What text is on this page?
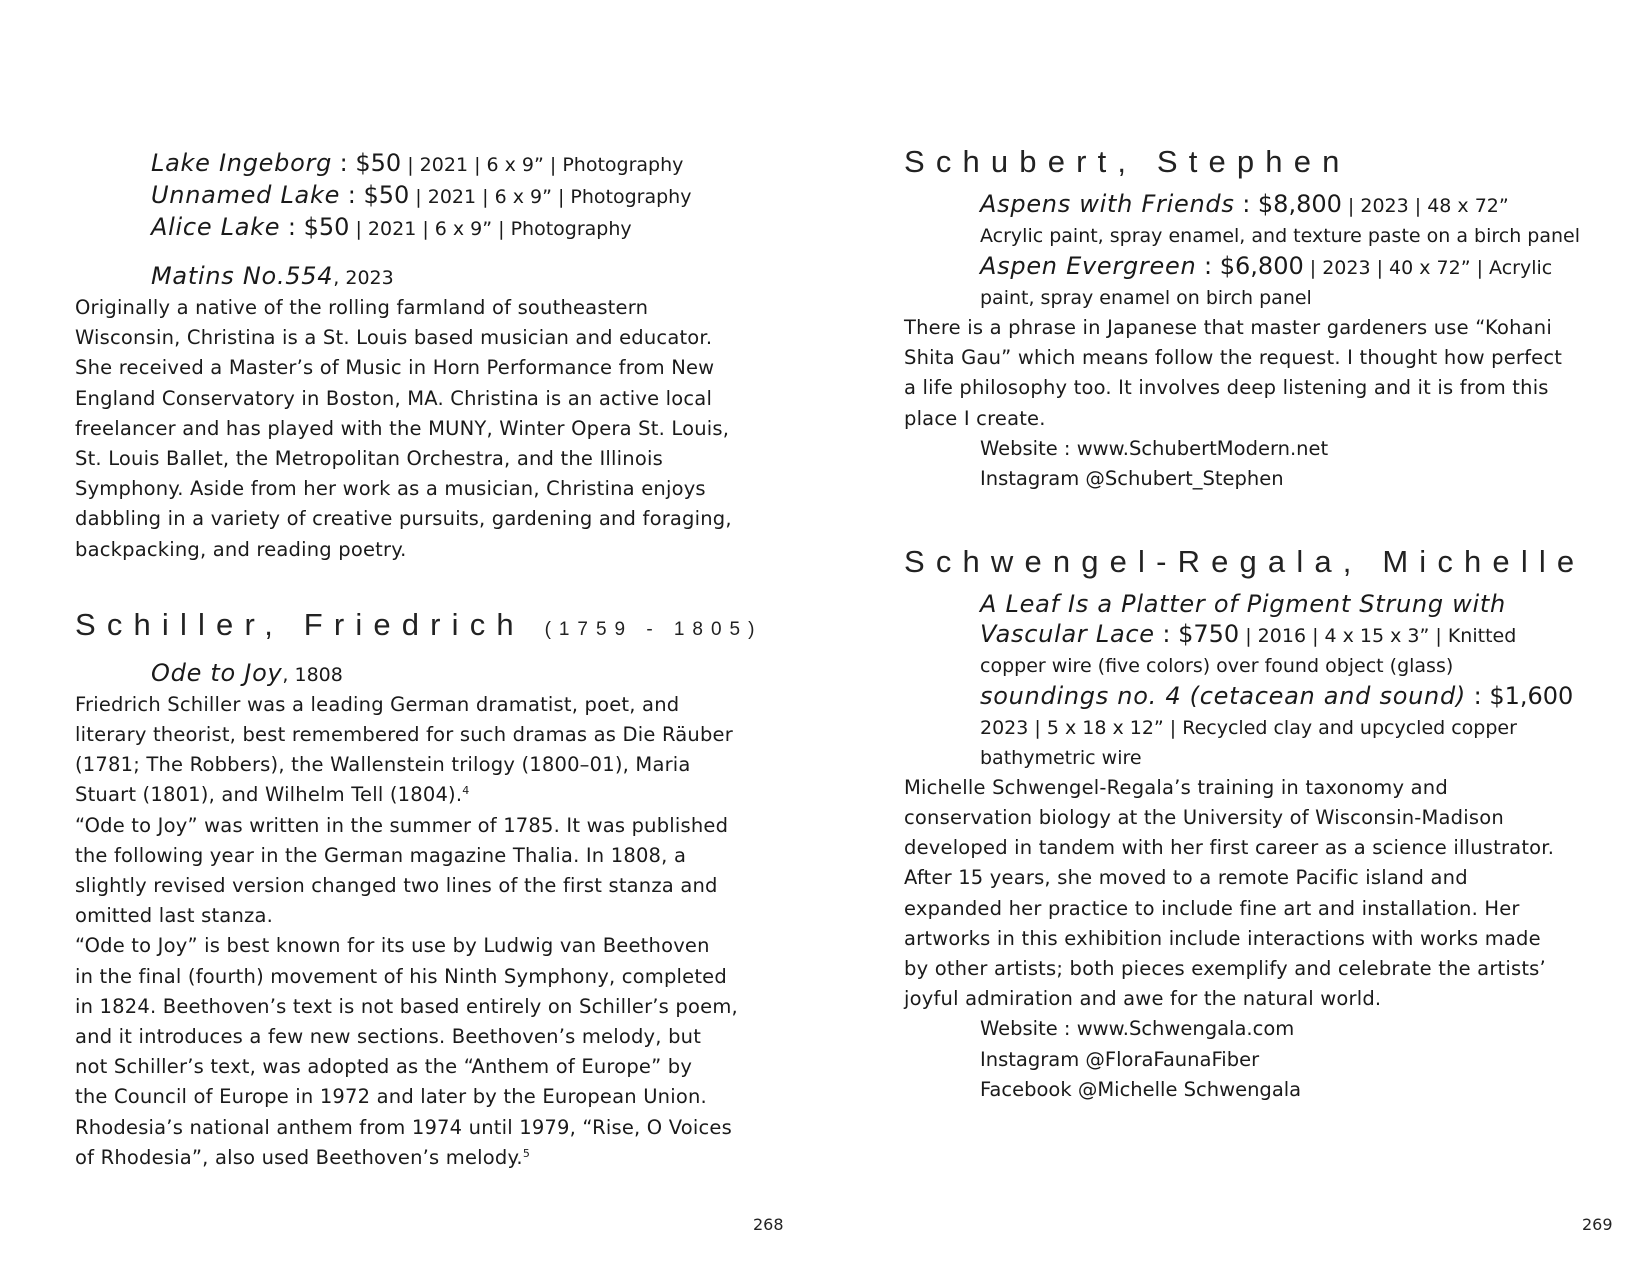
Lake Ingeborg : $50 | 2021 | 6 x 9” | Photography
Unnamed Lake : $50 | 2021 | 6 x 9” | Photography
Alice Lake : $50 | 2021 | 6 x 9” | Photography
Matins No.554, 2023
Originally a native of the rolling farmland of southeastern
Wisconsin, Christina is a St. Louis based musician and educator.
She received a Master’s of Music in Horn Performance from New
England Conservatory in Boston, MA. Christina is an active local
freelancer and has played with the MUNY, Winter Opera St. Louis,
St. Louis Ballet, the Metropolitan Orchestra, and the Illinois
Symphony. Aside from her work as a musician, Christina enjoys
dabbling in a variety of creative pursuits, gardening and foraging,
backpacking, and reading poetry.
Schiller, Friedrich (1759 - 1805)
Ode to Joy, 1808
Friedrich Schiller was a leading German dramatist, poet, and
literary theorist, best remembered for such dramas as Die Räuber
(1781; The Robbers), the Wallenstein trilogy (1800–01), Maria
Stuart (1801), and Wilhelm Tell (1804).$^4$
“Ode to Joy” was written in the summer of 1785. It was published
the following year in the German magazine Thalia. In 1808, a
slightly revised version changed two lines of the first stanza and
omitted last stanza.
“Ode to Joy” is best known for its use by Ludwig van Beethoven
in the final (fourth) movement of his Ninth Symphony, completed
in 1824. Beethoven’s text is not based entirely on Schiller’s poem,
and it introduces a few new sections. Beethoven’s melody, but
not Schiller’s text, was adopted as the “Anthem of Europe” by
the Council of Europe in 1972 and later by the European Union.
Rhodesia’s national anthem from 1974 until 1979, “Rise, O Voices
of Rhodesia”, also used Beethoven’s melody.$^5$
268
Schubert, Stephen
Aspens with Friends : $8,800 | 2023 | 48 x 72”
Acrylic paint, spray enamel, and texture paste on a birch panel
Aspen Evergreen : $6,800 | 2023 | 40 x 72” | Acrylic
paint, spray enamel on birch panel
There is a phrase in Japanese that master gardeners use “Kohani
Shita Gau” which means follow the request. I thought how perfect
a life philosophy too. It involves deep listening and it is from this
place I create.
Website : www.SchubertModern.net
Instagram @Schubert_Stephen
Schwengel-Regala, Michelle
A Leaf Is a Platter of Pigment Strung with
Vascular Lace : $750 | 2016 | 4 x 15 x 3” | Knitted
copper wire (five colors) over found object (glass)
soundings no. 4 (cetacean and sound) : $1,600
2023 | 5 x 18 x 12” | Recycled clay and upcycled copper
bathymetric wire
Michelle Schwengel-Regala’s training in taxonomy and
conservation biology at the University of Wisconsin-Madison
developed in tandem with her first career as a science illustrator.
After 15 years, she moved to a remote Pacific island and
expanded her practice to include fine art and installation. Her
artworks in this exhibition include interactions with works made
by other artists; both pieces exemplify and celebrate the artists’
joyful admiration and awe for the natural world.
Website : www.Schwengala.com
Instagram @FloraFaunaFiber
Facebook @Michelle Schwengala
269
